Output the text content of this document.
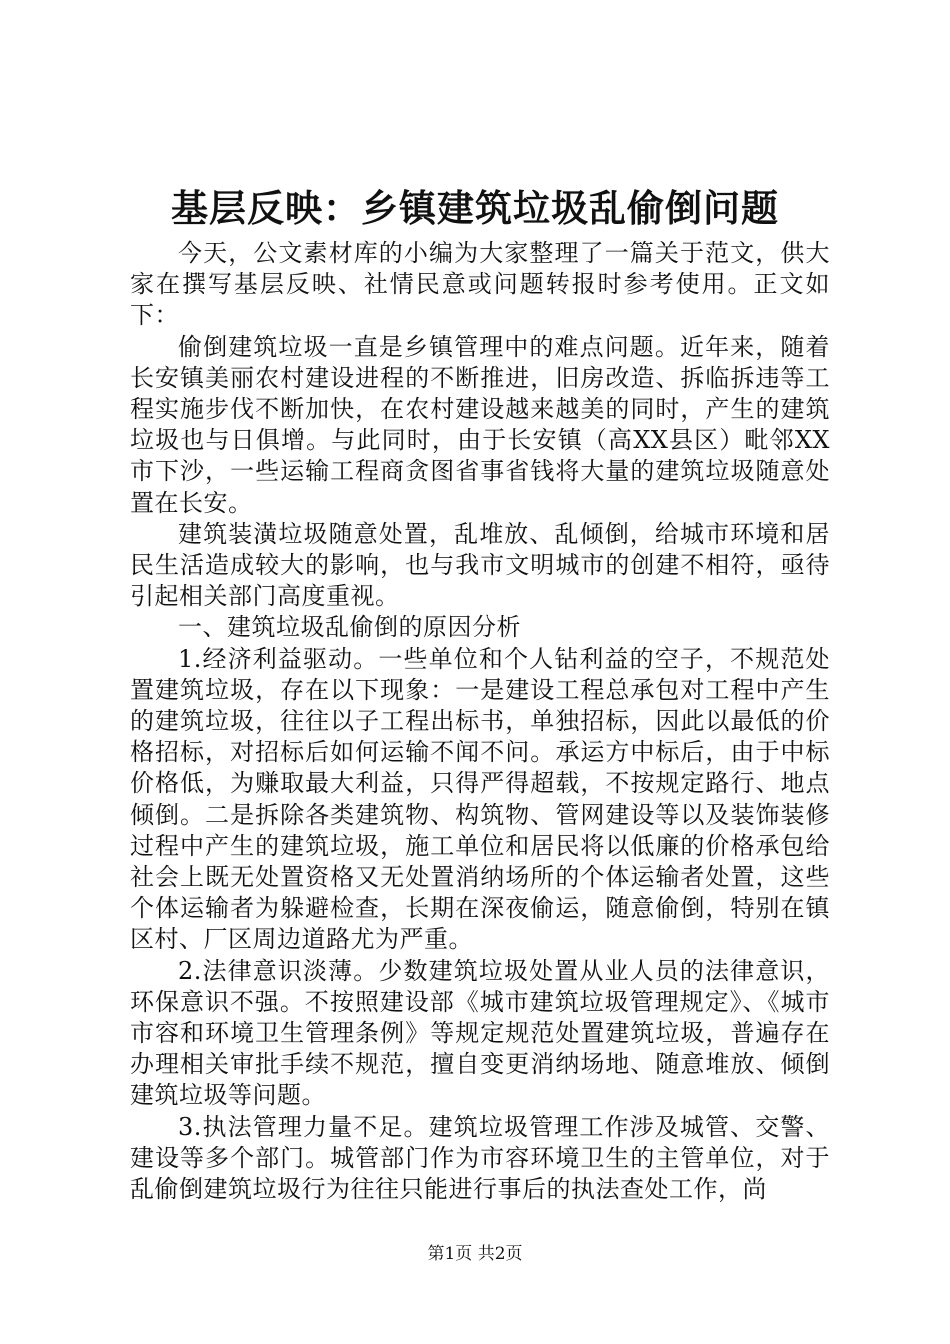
基层反映：乡镇建筑垃圾乱偷倒问题

今天，公文素材库的小编为大家整理了一篇关于范文，供大家在撰写基层反映、社情民意或问题转报时参考使用。正文如下：

偷倒建筑垃圾一直是乡镇管理中的难点问题。近年来，随着长安镇美丽农村建设进程的不断推进，旧房改造、拆临拆违等工程实施步伐不断加快，在农村建设越来越美的同时，产生的建筑垃圾也与日俱增。与此同时，由于长安镇（高XX县区）毗邻XX市下沙，一些运输工程商贪图省事省钱将大量的建筑垃圾随意处置在长安。

建筑装潢垃圾随意处置，乱堆放、乱倾倒，给城市环境和居民生活造成较大的影响，也与我市文明城市的创建不相符，亟待引起相关部门高度重视。

一、建筑垃圾乱偷倒的原因分析

1.经济利益驱动。一些单位和个人钻利益的空子，不规范处置建筑垃圾，存在以下现象：一是建设工程总承包对工程中产生的建筑垃圾，往往以子工程出标书，单独招标，因此以最低的价格招标，对招标后如何运输不闻不问。承运方中标后，由于中标价格低，为赚取最大利益，只得严得超载，不按规定路行、地点倾倒。二是拆除各类建筑物、构筑物、管网建设等以及装饰装修过程中产生的建筑垃圾，施工单位和居民将以低廉的价格承包给社会上既无处置资格又无处置消纳场所的个体运输者处置，这些个体运输者为躲避检查，长期在深夜偷运，随意偷倒，特别在镇区村、厂区周边道路尤为严重。

2.法律意识淡薄。少数建筑垃圾处置从业人员的法律意识，环保意识不强。不按照建设部《城市建筑垃圾管理规定》、《城市市容和环境卫生管理条例》等规定规范处置建筑垃圾，普遍存在办理相关审批手续不规范，擅自变更消纳场地、随意堆放、倾倒建筑垃圾等问题。

3.执法管理力量不足。建筑垃圾管理工作涉及城管、交警、建设等多个部门。城管部门作为市容环境卫生的主管单位，对于乱偷倒建筑垃圾行为往往只能进行事后的执法查处工作，尚

第1页 共2页
